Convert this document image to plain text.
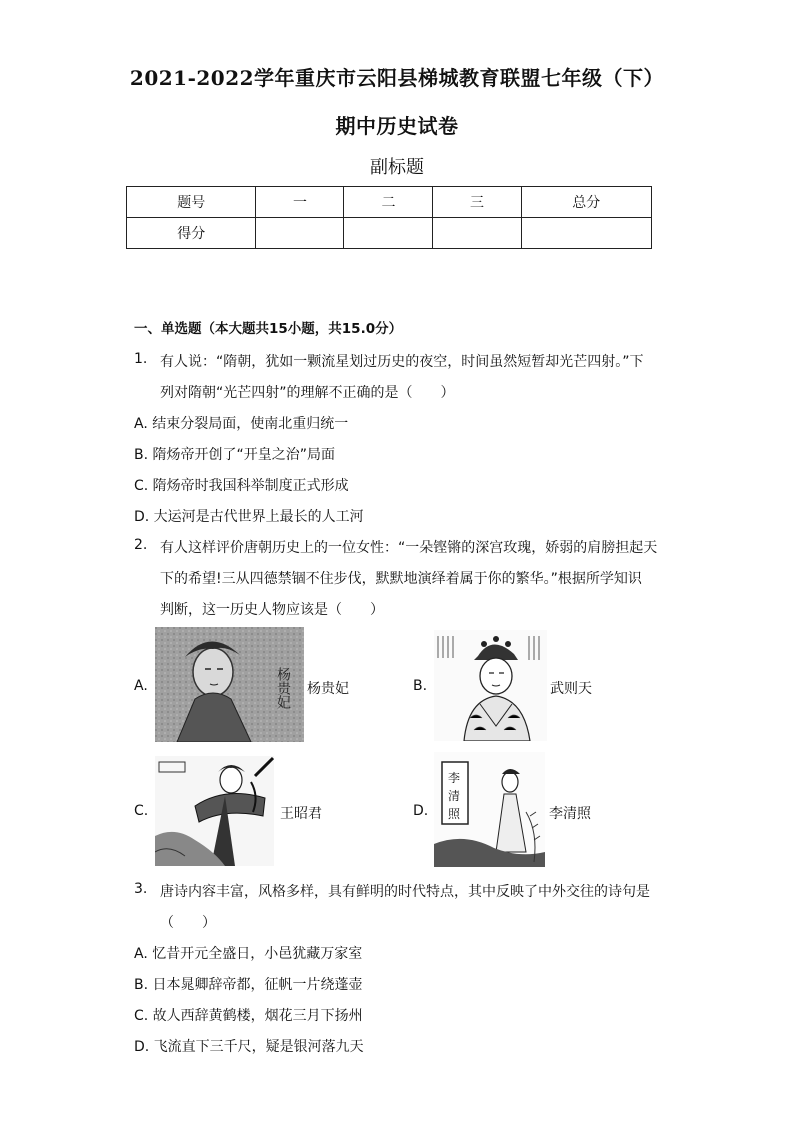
2021-2022学年重庆市云阳县梯城教育联盟七年级（下）
期中历史试卷
副标题
题号	一	二	三	总分
得分				
一、单选题（本大题共15小题，共15.0分）
1. 有人说：“隋朝，犹如一颗流星划过历史的夜空，时间虽然短暂却光芒四射。”下
列对隋朝“光芒四射”的理解不正确的是（　　）
A. 结束分裂局面，使南北重归统一
B. 隋炀帝开创了“开皇之治”局面
C. 隋炀帝时我国科举制度正式形成
D. 大运河是古代世界上最长的人工河
2. 有人这样评价唐朝历史上的一位女性：“一朵铿锵的深宫玫瑰，娇弱的肩膀担起天
下的希望!三从四德禁锢不住步伐，默默地演绎着属于你的繁华。”根据所学知识
判断，这一历史人物应该是（　　）
A.	杨贵妃 杨贵妃	B.	武则天
C.	王昭君	D.
李
清
照	李清照
3. 唐诗内容丰富，风格多样，具有鲜明的时代特点，其中反映了中外交往的诗句是
（　　）
A. 忆昔开元全盛日，小邑犹藏万家室
B. 日本晁卿辞帝都，征帆一片绕蓬壶
C. 故人西辞黄鹤楼，烟花三月下扬州
D. 飞流直下三千尺，疑是银河落九天
